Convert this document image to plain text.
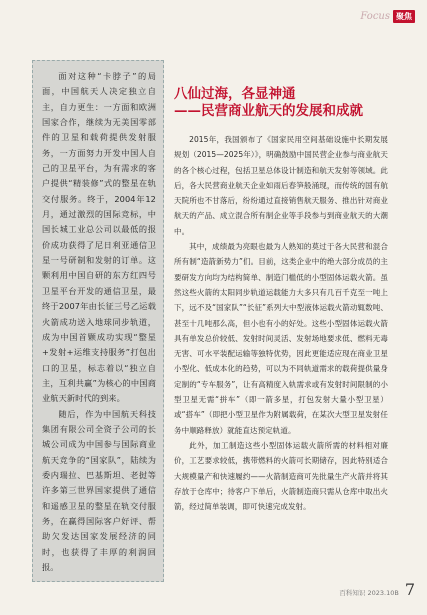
Focus 聚焦

面对这种“卡脖子”的局面，中国航天人决定独立自主，自力更生：一方面和欧洲国家合作，继续为无美国零部件的卫星和载荷提供发射服务，一方面努力开发中国人自己的卫星平台，为有需求的客户提供“精装修”式的整星在轨交付服务。终于，2004年12月，通过激烈的国际竞标，中国长城工业总公司以最低的报价成功获得了尼日利亚通信卫星一号研制和发射的订单。这颗利用中国自研的东方红四号卫星平台开发的通信卫星，最终于2007年由长征三号乙运载火箭成功送入地球同步轨道，成为中国首颗成功实现“整星+发射+运维支持服务”打包出口的卫星，标志着以“独立自主，互利共赢”为核心的中国商业航天新时代的到来。

随后，作为中国航天科技集团有限公司全资子公司的长城公司成为中国参与国际商业航天竞争的“国家队”，陆续为委内瑞拉、巴基斯坦、老挝等许多第三世界国家提供了通信和遥感卫星的整星在轨交付服务，在赢得国际客户好评、帮助欠发达国家发展经济的同时，也获得了丰厚的利润回报。

八仙过海，各显神通
——民营商业航天的发展和成就

2015年，我国颁布了《国家民用空间基础设施中长期发展规划（2015—2025年）》，明确鼓励中国民营企业参与商业航天的各个核心过程，包括卫星总体设计制造和航天发射等领域。此后，各大民营商业航天企业如雨后春笋般涌现，而传统的国有航天院所也不甘落后，纷纷通过直接销售航天服务、推出针对商业航天的产品、成立混合所有制企业等手段参与到商业航天的大潮中。

其中，成绩最为亮眼也最为人熟知的莫过于各大民营和混合所有制“造箭新势力”们。目前，这类企业中的绝大部分成员的主要研发方向均为结构简单、制造门槛低的小型固体运载火箭。虽然这些火箭的太阳同步轨道运载能力大多只有几百千克至一吨上下，远不及“国家队”“长征”系列大中型液体运载火箭动辄数吨、甚至十几吨那么高，但小也有小的好处。这些小型固体运载火箭具有单发总价较低、发射时间灵活、发射场地要求低、燃料无毒无害、可水平装配运输等独特优势，因此更能适应现在商业卫星小型化、低成本化的趋势，可以为不同轨道需求的载荷提供量身定制的“专车服务”，让有高精度入轨需求或有发射时间限制的小型卫星无需“拼车”（即一箭多星，打包发射大量小型卫星）或“搭车”（即把小型卫星作为附属载荷，在某次大型卫星发射任务中顺路释放）就能直达预定轨道。

此外，加工制造这些小型固体运载火箭所需的材料相对廉价，工艺要求较低，携带燃料的火箭可长期储存，因此特别适合大规模量产和快速履约——火箭制造商可先批量生产火箭并将其存放于仓库中；待客户下单后，火箭制造商只需从仓库中取出火箭，经过简单装调，即可快速完成发射。

百科知识 2023.10B 7
